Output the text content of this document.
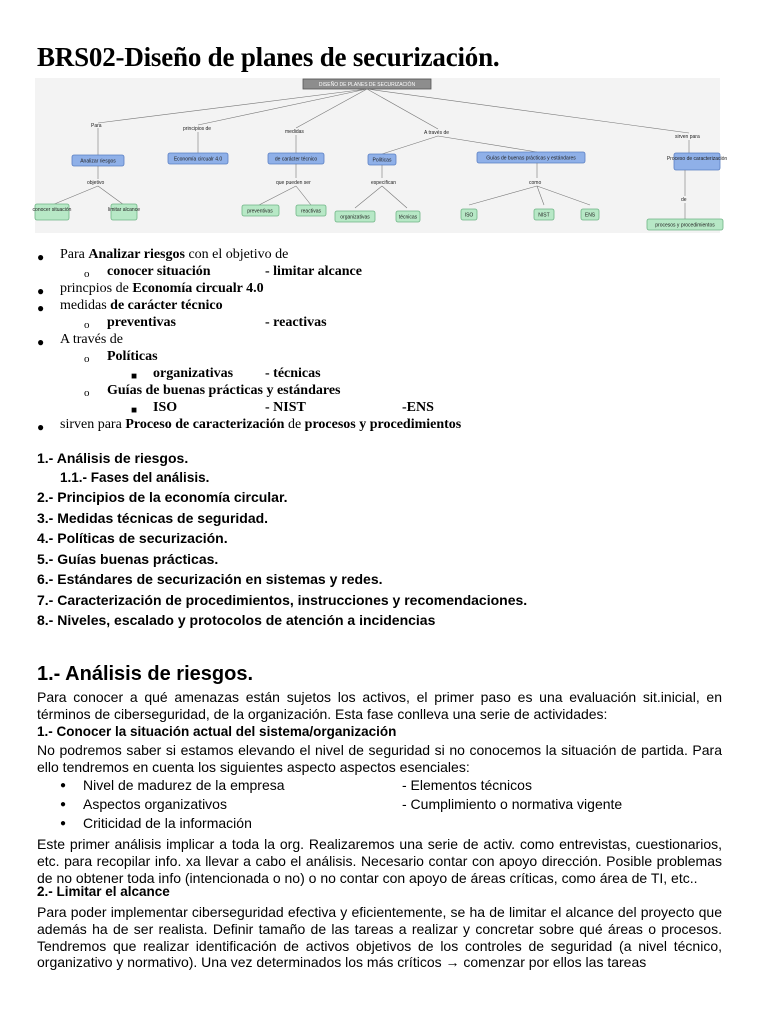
BRS02-Diseño de planes de securización.
DISEÑO DE PLANES DE SECURIZACIÓN
Para	principios de	medidas	A través de
sirven para
Analizar riesgos	Economía circualr 4.0	de carácter técnico	Políticas	Guías de buenas prácticas y estándares	Proceso de caracterización
objetivo	que pueden ser	especifican	como
de
conocer situación	limitar alcance	preventivas	reactivas
organizativas	técnicas	ISO	NIST	ENS
procesos y procedimientos
● Para Analizar riesgos con el objetivo de
o conocer situación	- limitar alcance
● princpios de Economía circualr 4.0
● medidas de carácter técnico
o preventivas	- reactivas
● A través de
o Políticas
■ organizativas - técnicas
o Guías de buenas prácticas y estándares
■ ISO	- NIST	-ENS
● sirven para Proceso de caracterización de procesos y procedimientos
1.- Análisis de riesgos.
1.1.- Fases del análisis.
2.- Principios de la economía circular.
3.- Medidas técnicas de seguridad.
4.- Políticas de securización.
5.- Guías buenas prácticas.
6.- Estándares de securización en sistemas y redes.
7.- Caracterización de procedimientos, instrucciones y recomendaciones.
8.- Niveles, escalado y protocolos de atención a incidencias
1.- Análisis de riesgos.

Para conocer a qué amenazas están sujetos los activos, el primer paso es una evaluación sit.inicial, en términos de ciberseguridad, de la organización. Esta fase conlleva una serie de actividades:

1.- Conocer la situación actual del sistema/organización

No podremos saber si estamos elevando el nivel de seguridad si no conocemos la situación de partida. Para ello tendremos en cuenta los siguientes aspecto aspectos esenciales:

● Nivel de madurez de la empresa	- Elementos técnicos
● Aspectos organizativos	- Cumplimiento o normativa vigente
● Criticidad de la información

Este primer análisis implicar a toda la org. Realizaremos una serie de activ. como entrevistas, cuestionarios, etc. para recopilar info. xa llevar a cabo el análisis. Necesario contar con apoyo dirección. Posible problemas de no obtener toda info (intencionada o no) o no contar con apoyo de áreas críticas, como área de TI, etc..

2.- Limitar el alcance

Para poder implementar ciberseguridad efectiva y eficientemente, se ha de limitar el alcance del proyecto que además ha de ser realista. Definir tamaño de las tareas a realizar y concretar sobre qué áreas o procesos. Tendremos que realizar identificación de activos objetivos de los controles de seguridad (a nivel técnico, organizativo y normativo). Una vez determinados los más críticos → comenzar por ellos las tareas
